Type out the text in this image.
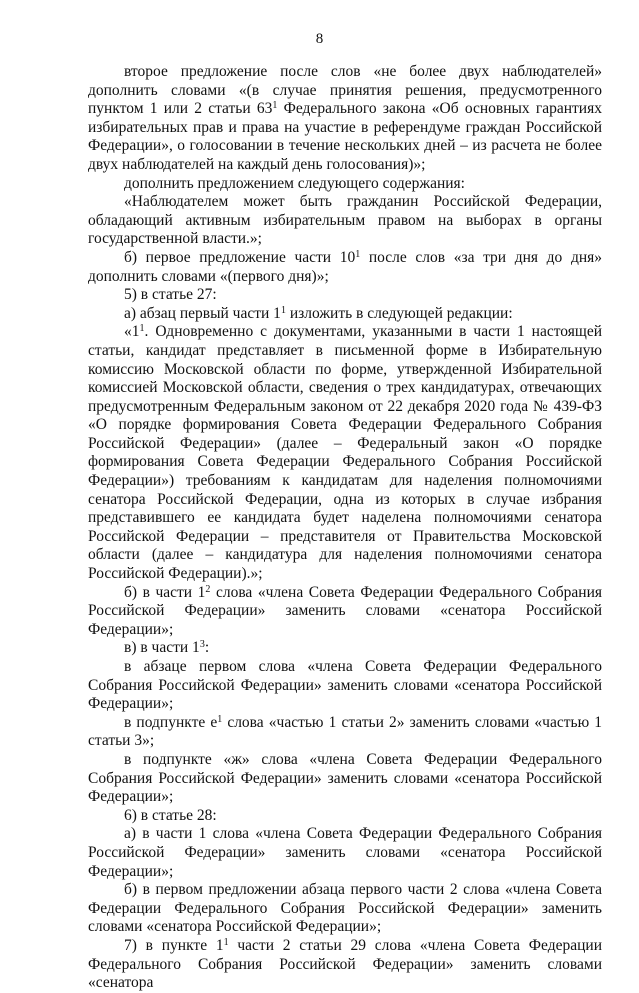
8

второе предложение после слов «не более двух наблюдателей» дополнить словами «(в случае принятия решения, предусмотренного пунктом 1 или 2 статьи $63^1$ Федерального закона «Об основных гарантиях избирательных прав и права на участие в референдуме граждан Российской Федерации», о голосовании в течение нескольких дней – из расчета не более двух наблюдателей на каждый день голосования)»;

дополнить предложением следующего содержания:

«Наблюдателем может быть гражданин Российской Федерации, обладающий активным избирательным правом на выборах в органы государственной власти.»;

б) первое предложение части $10^1$ после слов «за три дня до дня» дополнить словами «(первого дня)»;

5) в статье 27:

а) абзац первый части $1^1$ изложить в следующей редакции:

«$1^1$. Одновременно с документами, указанными в части 1 настоящей статьи, кандидат представляет в письменной форме в Избирательную комиссию Московской области по форме, утвержденной Избирательной комиссией Московской области, сведения о трех кандидатурах, отвечающих предусмотренным Федеральным законом от 22 декабря 2020 года № 439-ФЗ «О порядке формирования Совета Федерации Федерального Собрания Российской Федерации» (далее – Федеральный закон «О порядке формирования Совета Федерации Федерального Собрания Российской Федерации») требованиям к кандидатам для наделения полномочиями сенатора Российской Федерации, одна из которых в случае избрания представившего ее кандидата будет наделена полномочиями сенатора Российской Федерации – представителя от Правительства Московской области (далее – кандидатура для наделения полномочиями сенатора Российской Федерации).»;

б) в части $1^2$ слова «члена Совета Федерации Федерального Собрания Российской Федерации» заменить словами «сенатора Российской Федерации»;

в) в части $1^3$:

в абзаце первом слова «члена Совета Федерации Федерального Собрания Российской Федерации» заменить словами «сенатора Российской Федерации»;

в подпункте $е^1$ слова «частью 1 статьи 2» заменить словами «частью 1 статьи 3»;

в подпункте «ж» слова «члена Совета Федерации Федерального Собрания Российской Федерации» заменить словами «сенатора Российской Федерации»;

6) в статье 28:

а) в части 1 слова «члена Совета Федерации Федерального Собрания Российской Федерации» заменить словами «сенатора Российской Федерации»;

б) в первом предложении абзаца первого части 2 слова «члена Совета Федерации Федерального Собрания Российской Федерации» заменить словами «сенатора Российской Федерации»;

7) в пункте $1^1$ части 2 статьи 29 слова «члена Совета Федерации Федерального Собрания Российской Федерации» заменить словами «сенатора
